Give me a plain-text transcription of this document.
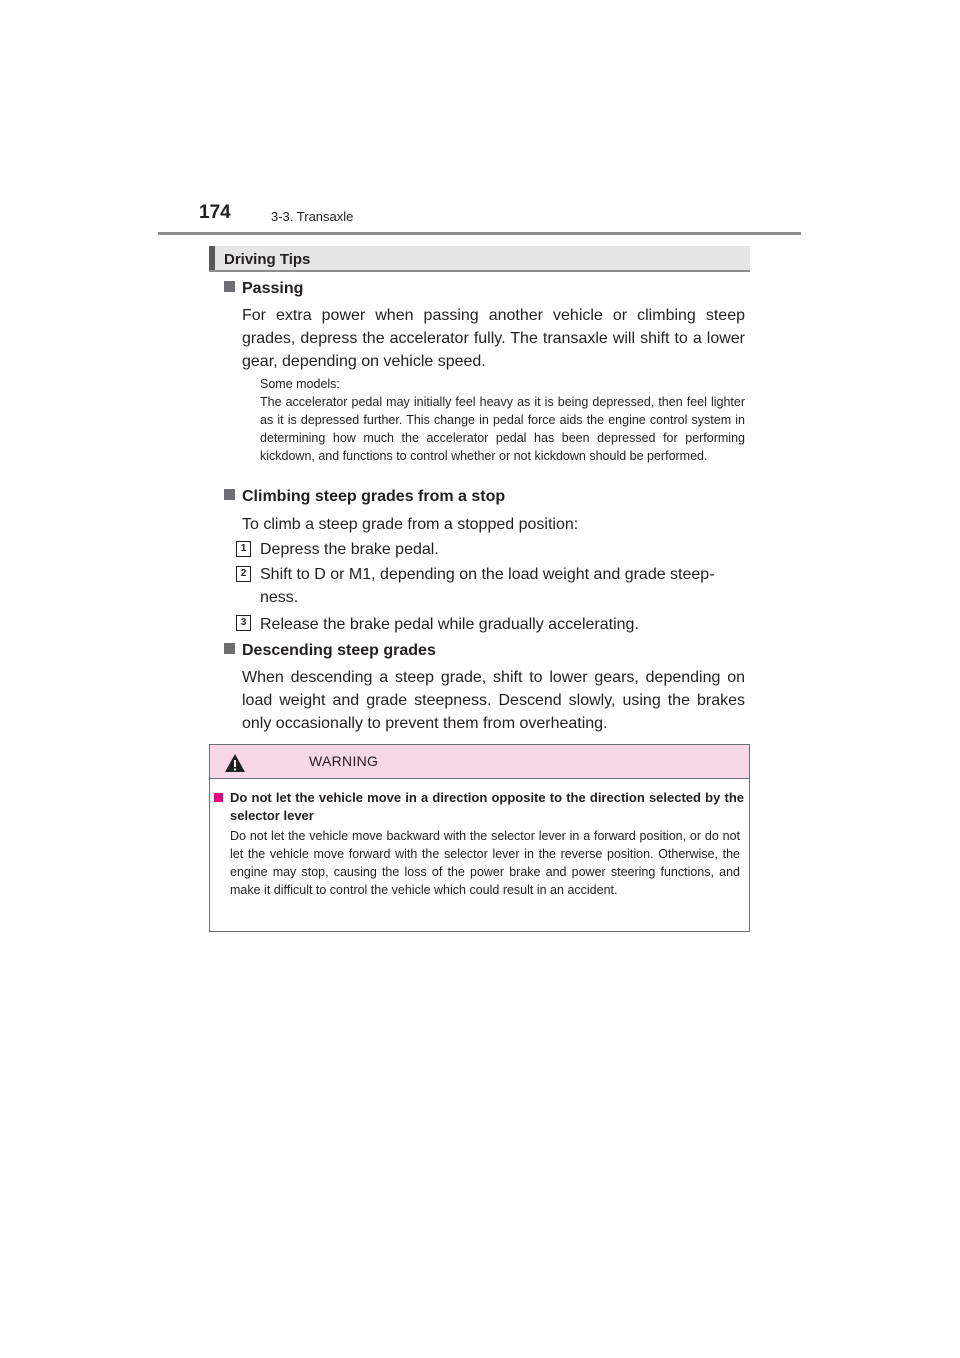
174	3-3. Transaxle
Driving Tips
Passing
For extra power when passing another vehicle or climbing steep grades, depress the accelerator fully. The transaxle will shift to a lower gear, depending on vehicle speed.
Some models:
The accelerator pedal may initially feel heavy as it is being depressed, then feel lighter as it is depressed further. This change in pedal force aids the engine control system in determining how much the accelerator pedal has been depressed for performing kickdown, and functions to control whether or not kickdown should be performed.
Climbing steep grades from a stop
To climb a steep grade from a stopped position:
1 Depress the brake pedal.
2 Shift to D or M1, depending on the load weight and grade steep-ness.
3 Release the brake pedal while gradually accelerating.
Descending steep grades
When descending a steep grade, shift to lower gears, depending on load weight and grade steepness. Descend slowly, using the brakes only occasionally to prevent them from overheating.
WARNING
Do not let the vehicle move in a direction opposite to the direction selected by the selector lever
Do not let the vehicle move backward with the selector lever in a forward position, or do not let the vehicle move forward with the selector lever in the reverse position. Otherwise, the engine may stop, causing the loss of the power brake and power steering functions, and make it difficult to control the vehicle which could result in an accident.
